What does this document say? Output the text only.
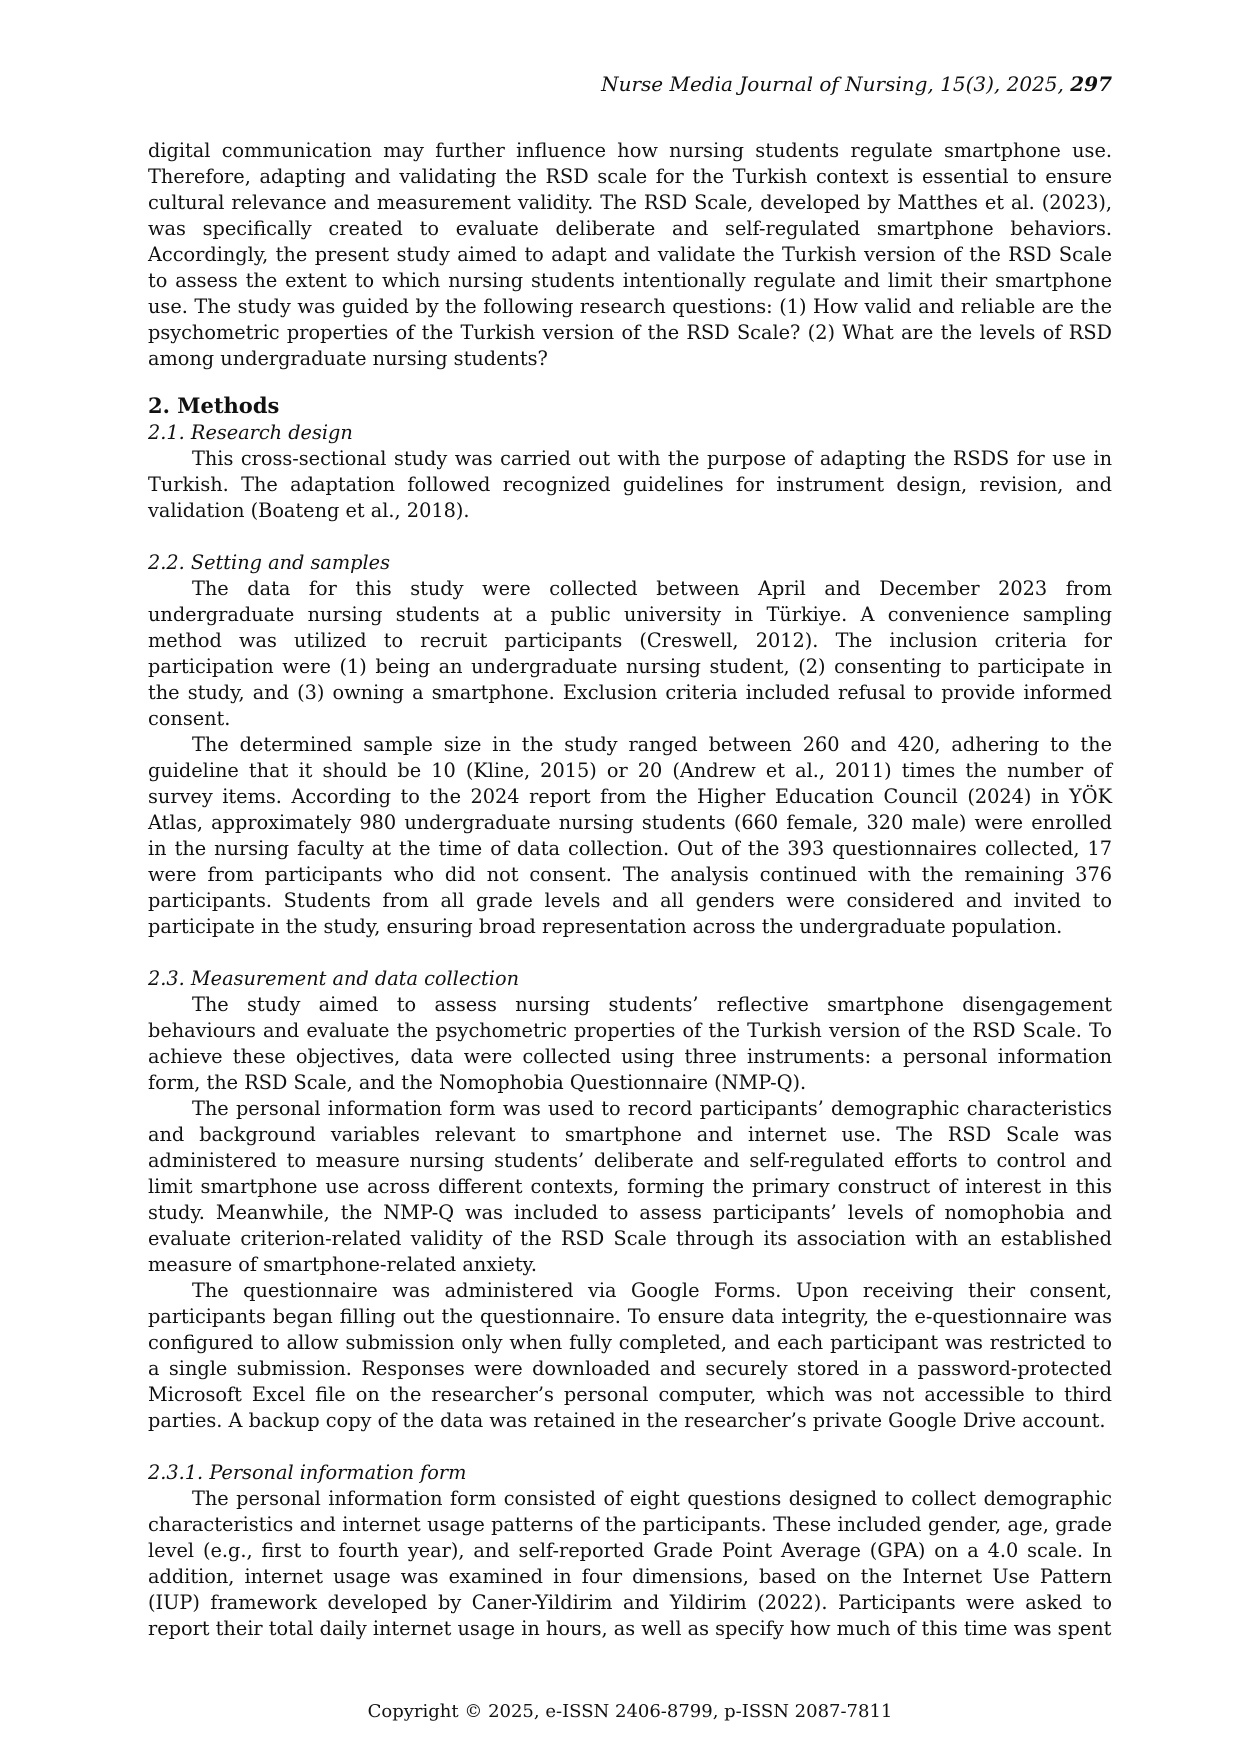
Nurse Media Journal of Nursing, 15(3), 2025, 297

digital communication may further influence how nursing students regulate smartphone use. Therefore, adapting and validating the RSD scale for the Turkish context is essential to ensure cultural relevance and measurement validity. The RSD Scale, developed by Matthes et al. (2023), was specifically created to evaluate deliberate and self-regulated smartphone behaviors. Accordingly, the present study aimed to adapt and validate the Turkish version of the RSD Scale to assess the extent to which nursing students intentionally regulate and limit their smartphone use. The study was guided by the following research questions: (1) How valid and reliable are the psychometric properties of the Turkish version of the RSD Scale? (2) What are the levels of RSD among undergraduate nursing students?

2. Methods
2.1. Research design

This cross-sectional study was carried out with the purpose of adapting the RSDS for use in Turkish. The adaptation followed recognized guidelines for instrument design, revision, and validation (Boateng et al., 2018).

2.2. Setting and samples

The data for this study were collected between April and December 2023 from undergraduate nursing students at a public university in Türkiye. A convenience sampling method was utilized to recruit participants (Creswell, 2012). The inclusion criteria for participation were (1) being an undergraduate nursing student, (2) consenting to participate in the study, and (3) owning a smartphone. Exclusion criteria included refusal to provide informed consent.

The determined sample size in the study ranged between 260 and 420, adhering to the guideline that it should be 10 (Kline, 2015) or 20 (Andrew et al., 2011) times the number of survey items. According to the 2024 report from the Higher Education Council (2024) in YÖK Atlas, approximately 980 undergraduate nursing students (660 female, 320 male) were enrolled in the nursing faculty at the time of data collection. Out of the 393 questionnaires collected, 17 were from participants who did not consent. The analysis continued with the remaining 376 participants. Students from all grade levels and all genders were considered and invited to participate in the study, ensuring broad representation across the undergraduate population.

2.3. Measurement and data collection

The study aimed to assess nursing students’ reflective smartphone disengagement behaviours and evaluate the psychometric properties of the Turkish version of the RSD Scale. To achieve these objectives, data were collected using three instruments: a personal information form, the RSD Scale, and the Nomophobia Questionnaire (NMP-Q).

The personal information form was used to record participants’ demographic characteristics and background variables relevant to smartphone and internet use. The RSD Scale was administered to measure nursing students’ deliberate and self-regulated efforts to control and limit smartphone use across different contexts, forming the primary construct of interest in this study. Meanwhile, the NMP-Q was included to assess participants’ levels of nomophobia and evaluate criterion-related validity of the RSD Scale through its association with an established measure of smartphone-related anxiety.

The questionnaire was administered via Google Forms. Upon receiving their consent, participants began filling out the questionnaire. To ensure data integrity, the e-questionnaire was configured to allow submission only when fully completed, and each participant was restricted to a single submission. Responses were downloaded and securely stored in a password-protected Microsoft Excel file on the researcher’s personal computer, which was not accessible to third parties. A backup copy of the data was retained in the researcher’s private Google Drive account.

2.3.1. Personal information form

The personal information form consisted of eight questions designed to collect demographic characteristics and internet usage patterns of the participants. These included gender, age, grade level (e.g., first to fourth year), and self-reported Grade Point Average (GPA) on a 4.0 scale. In addition, internet usage was examined in four dimensions, based on the Internet Use Pattern (IUP) framework developed by Caner-Yildirim and Yildirim (2022). Participants were asked to report their total daily internet usage in hours, as well as specify how much of this time was spent

Copyright © 2025, e-ISSN 2406-8799, p-ISSN 2087-7811
